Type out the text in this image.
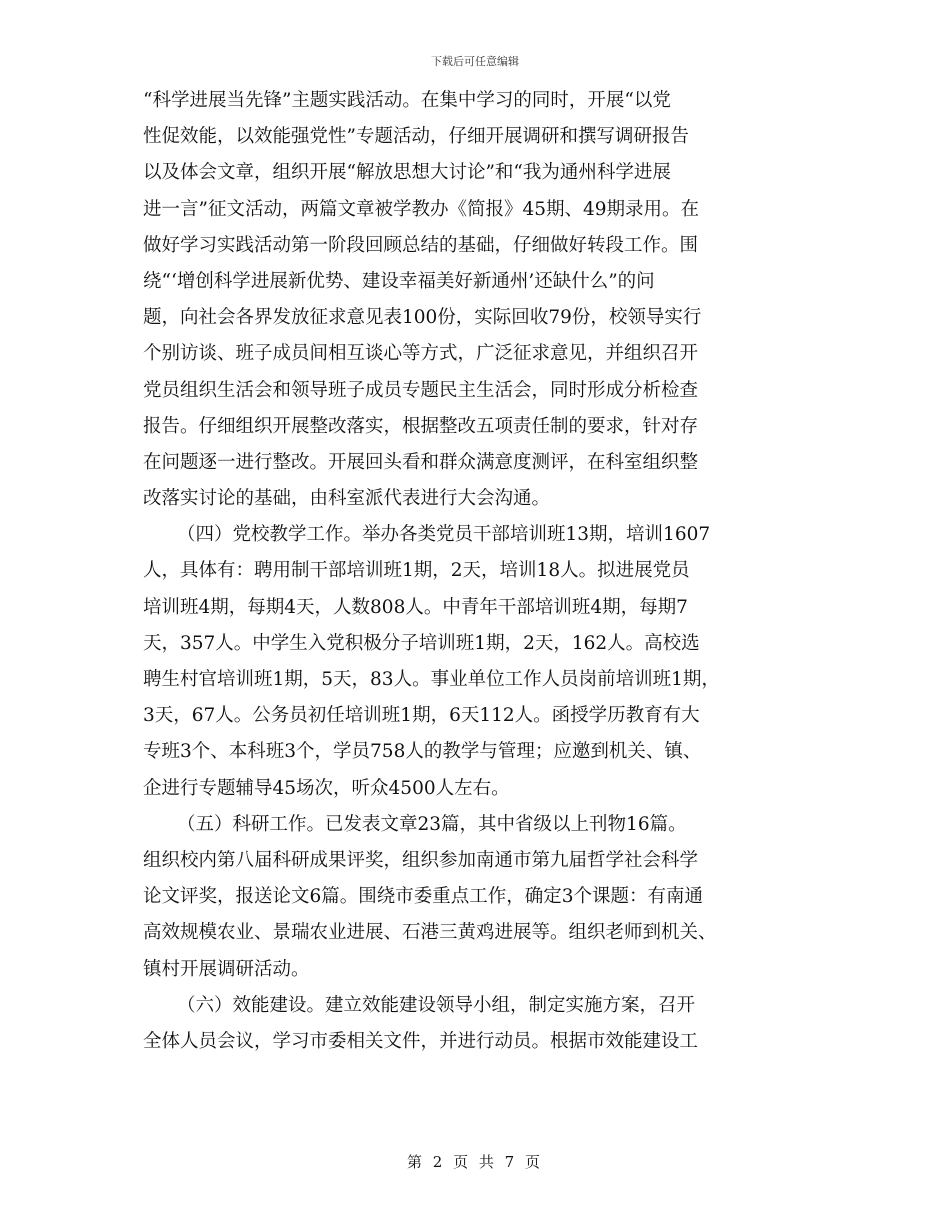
下载后可任意编辑
“科学进展当先锋”主题实践活动。在集中学习的同时，开展“以党
性促效能，以效能强党性”专题活动，仔细开展调研和撰写调研报告
以及体会文章，组织开展“解放思想大讨论”和“我为通州科学进展
进一言”征文活动，两篇文章被学教办《简报》45期、49期录用。在
做好学习实践活动第一阶段回顾总结的基础，仔细做好转段工作。围
绕“‘增创科学进展新优势、建设幸福美好新通州’还缺什么”的问
题，向社会各界发放征求意见表100份，实际回收79份，校领导实行
个别访谈、班子成员间相互谈心等方式，广泛征求意见，并组织召开
党员组织生活会和领导班子成员专题民主生活会，同时形成分析检查
报告。仔细组织开展整改落实，根据整改五项责任制的要求，针对存
在问题逐一进行整改。开展回头看和群众满意度测评，在科室组织整
改落实讨论的基础，由科室派代表进行大会沟通。
（四）党校教学工作。举办各类党员干部培训班13期，培训1607
人，具体有：聘用制干部培训班1期，2天，培训18人。拟进展党员
培训班4期，每期4天，人数808人。中青年干部培训班4期，每期7
天，357人。中学生入党积极分子培训班1期，2天，162人。高校选
聘生村官培训班1期，5天，83人。事业单位工作人员岗前培训班1期，
3天，67人。公务员初任培训班1期，6天112人。函授学历教育有大
专班3个、本科班3个，学员758人的教学与管理；应邀到机关、镇、
企进行专题辅导45场次，听众4500人左右。
（五）科研工作。已发表文章23篇，其中省级以上刊物16篇。
组织校内第八届科研成果评奖，组织参加南通市第九届哲学社会科学
论文评奖，报送论文6篇。围绕市委重点工作，确定3个课题：有南通
高效规模农业、景瑞农业进展、石港三黄鸡进展等。组织老师到机关、
镇村开展调研活动。
（六）效能建设。建立效能建设领导小组，制定实施方案，召开
全体人员会议，学习市委相关文件，并进行动员。根据市效能建设工
第 2 页 共 7 页
